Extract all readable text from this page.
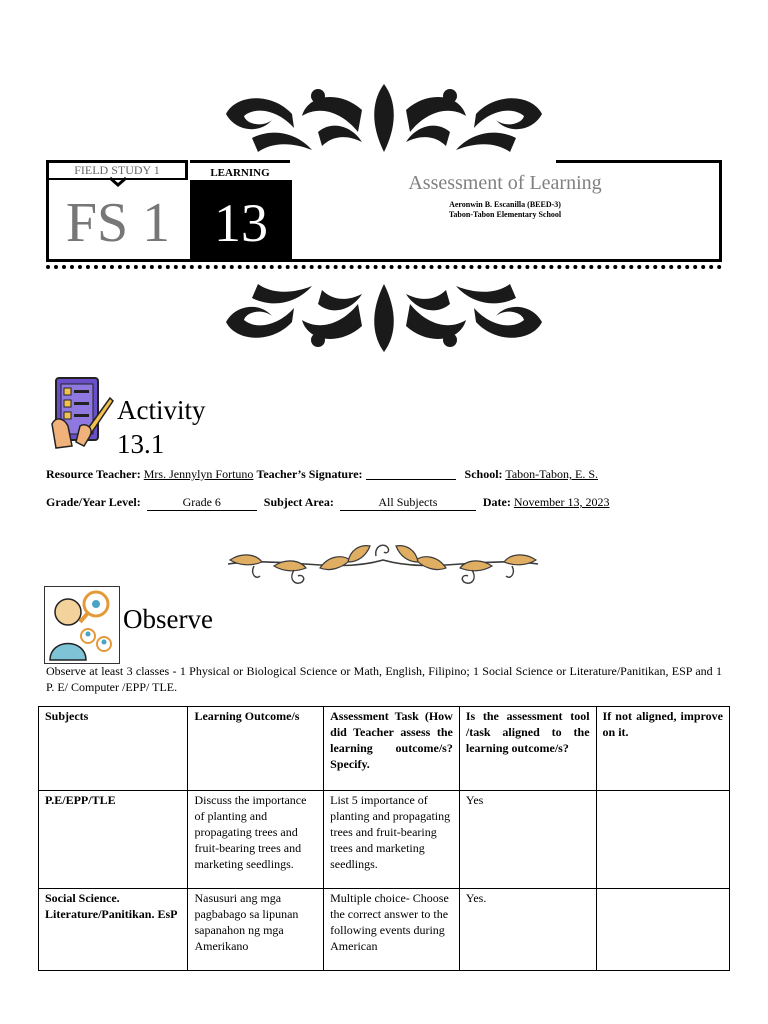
FIELD STUDY 1	LEARNING
FS 1 13
Assessment of Learning
Aeronwin B. Escanilla (BEED-3)
Tabon-Tabon Elementary School
Activity
13.1
Resource Teacher: Mrs. Jennylyn Fortuno Teacher’s Signature:	School: Tabon-Tabon, E. S.
Grade/Year Level:	Grade 6	Subject Area:	All Subjects	Date: November 13, 2023
Observe
Observe at least 3 classes - 1 Physical or Biological Science or Math, English, Filipino; 1 Social Science or Literature/Panitikan, ESP and 1 P. E/ Computer /EPP/ TLE.
Subjects	Learning Outcome/s	Assessment Task (How did Teacher assess the learning outcome/s? Specify.	Is the assessment tool /task aligned to the learning outcome/s?	If not aligned, improve on it.
P.E/EPP/TLE	Discuss the importance of planting and propagating trees and fruit-bearing trees and marketing seedlings.	List 5 importance of planting and propagating trees and fruit-bearing trees and marketing seedlings.	Yes	
Social Science. Literature/Panitikan. EsP	Nasusuri ang mga pagbabago sa lipunan sapanahon ng mga Amerikano	Multiple choice- Choose the correct answer to the following events during American	Yes.	
